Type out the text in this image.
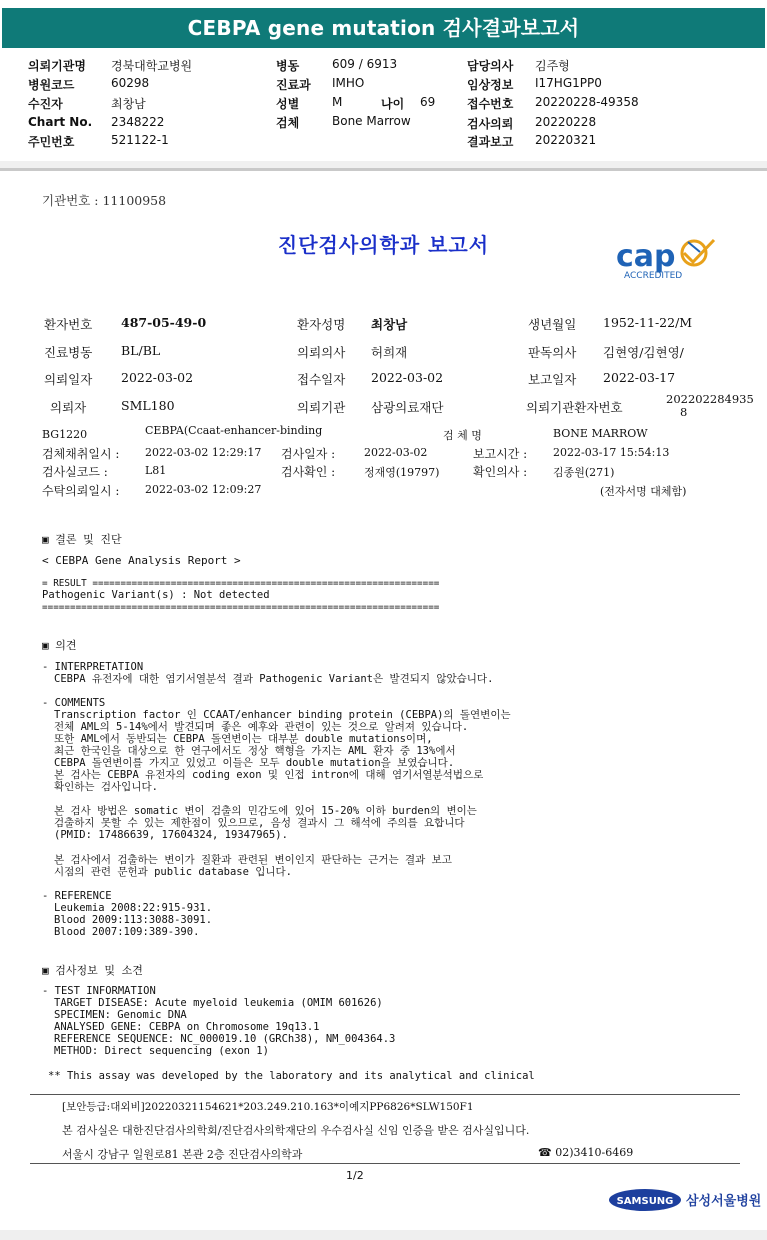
CEBPA gene mutation 검사결과보고서
의뢰기관명 경북대학교병원
병원코드	60298
수진자	최창남
Chart No. 2348222
주민번호	521122-1
병동	609 / 6913
진료과 IMHO
성별	M	나이 69
검체	Bone Marrow
담당의사 김주형
임상정보 I17HG1PP0
접수번호 20220228-49358
검사의뢰 20220228
결과보고 20220321
기관번호 : 11100958
진단검사의학과 보고서	cap
ACCREDITED
환자번호 487-05-49-0	환자성명 최창남	생년월일 1952-11-22/M
진료병동 BL/BL	의뢰의사 허희재	판독의사 김현영/김현영/
의뢰일자 2022-03-02	접수일자 2022-03-02	보고일자 2022-03-17
의뢰자	SML180	의뢰기관 삼광의료재단	의뢰기관환자번호
202202284935
8
BG1220	CEBPA(Ccaat-enhancer-binding	검 체 명	BONE MARROW
검체채취일시 : 2022-03-02 12:29:17 검사일자 :	2022-03-02	보고시간 : 2022-03-17 15:54:13
검사실코드 :	L81	검사확인 :	정재영(19797)	확인의사 : 김종원(271)
수탁의뢰일시 : 2022-03-02 12:09:27	(전자서명 대체함)
▣ 결론 및 진단
< CEBPA Gene Analysis Report >
= RESULT ==============================================================
Pathogenic Variant(s) : Not detected
=======================================================================
▣ 의견
- INTERPRETATION
CEBPA 유전자에 대한 염기서열분석 결과 Pathogenic Variant은 발견되지 않았습니다.
- COMMENTS
Transcription factor 인 CCAAT/enhancer binding protein (CEBPA)의 돌연변이는
전체 AML의 5-14%에서 발견되며 좋은 예후와 관련이 있는 것으로 알려져 있습니다.
또한 AML에서 동반되는 CEBPA 돌연변이는 대부분 double mutations이며,
최근 한국인을 대상으로 한 연구에서도 정상 핵형을 가지는 AML 환자 중 13%에서
CEBPA 돌연변이를 가지고 있었고 이들은 모두 double mutation을 보였습니다.
본 검사는 CEBPA 유전자의 coding exon 및 인접 intron에 대해 염기서열분석법으로
확인하는 검사입니다.
본 검사 방법은 somatic 변이 검출의 민감도에 있어 15-20% 이하 burden의 변이는
검출하지 못할 수 있는 제한점이 있으므로, 음성 결과시 그 해석에 주의를 요합니다
(PMID: 17486639, 17604324, 19347965).
본 검사에서 검출하는 변이가 질환과 관련된 변이인지 판단하는 근거는 결과 보고
시점의 관련 문헌과 public database 입니다.
- REFERENCE
Leukemia 2008:22:915-931.
Blood 2009:113:3088-3091.
Blood 2007:109:389-390.
▣ 검사정보 및 소견
- TEST INFORMATION
TARGET DISEASE: Acute myeloid leukemia (OMIM 601626)
SPECIMEN: Genomic DNA
ANALYSED GENE: CEBPA on Chromosome 19q13.1
REFERENCE SEQUENCE: NC_000019.10 (GRCh38), NM_004364.3
METHOD: Direct sequencing (exon 1)
** This assay was developed by the laboratory and its analytical and clinical
[보안등급:대외비]20220321154621*203.249.210.163*이예지PP6826*SLW150F1
본 검사실은 대한진단검사의학회/진단검사의학재단의 우수검사실 신임 인증을 받은 검사실입니다.
서울시 강남구 일원로81 본관 2층 진단검사의학과	☎ 02)3410-6469
1/2
SAMSUNG 삼성서울병원
